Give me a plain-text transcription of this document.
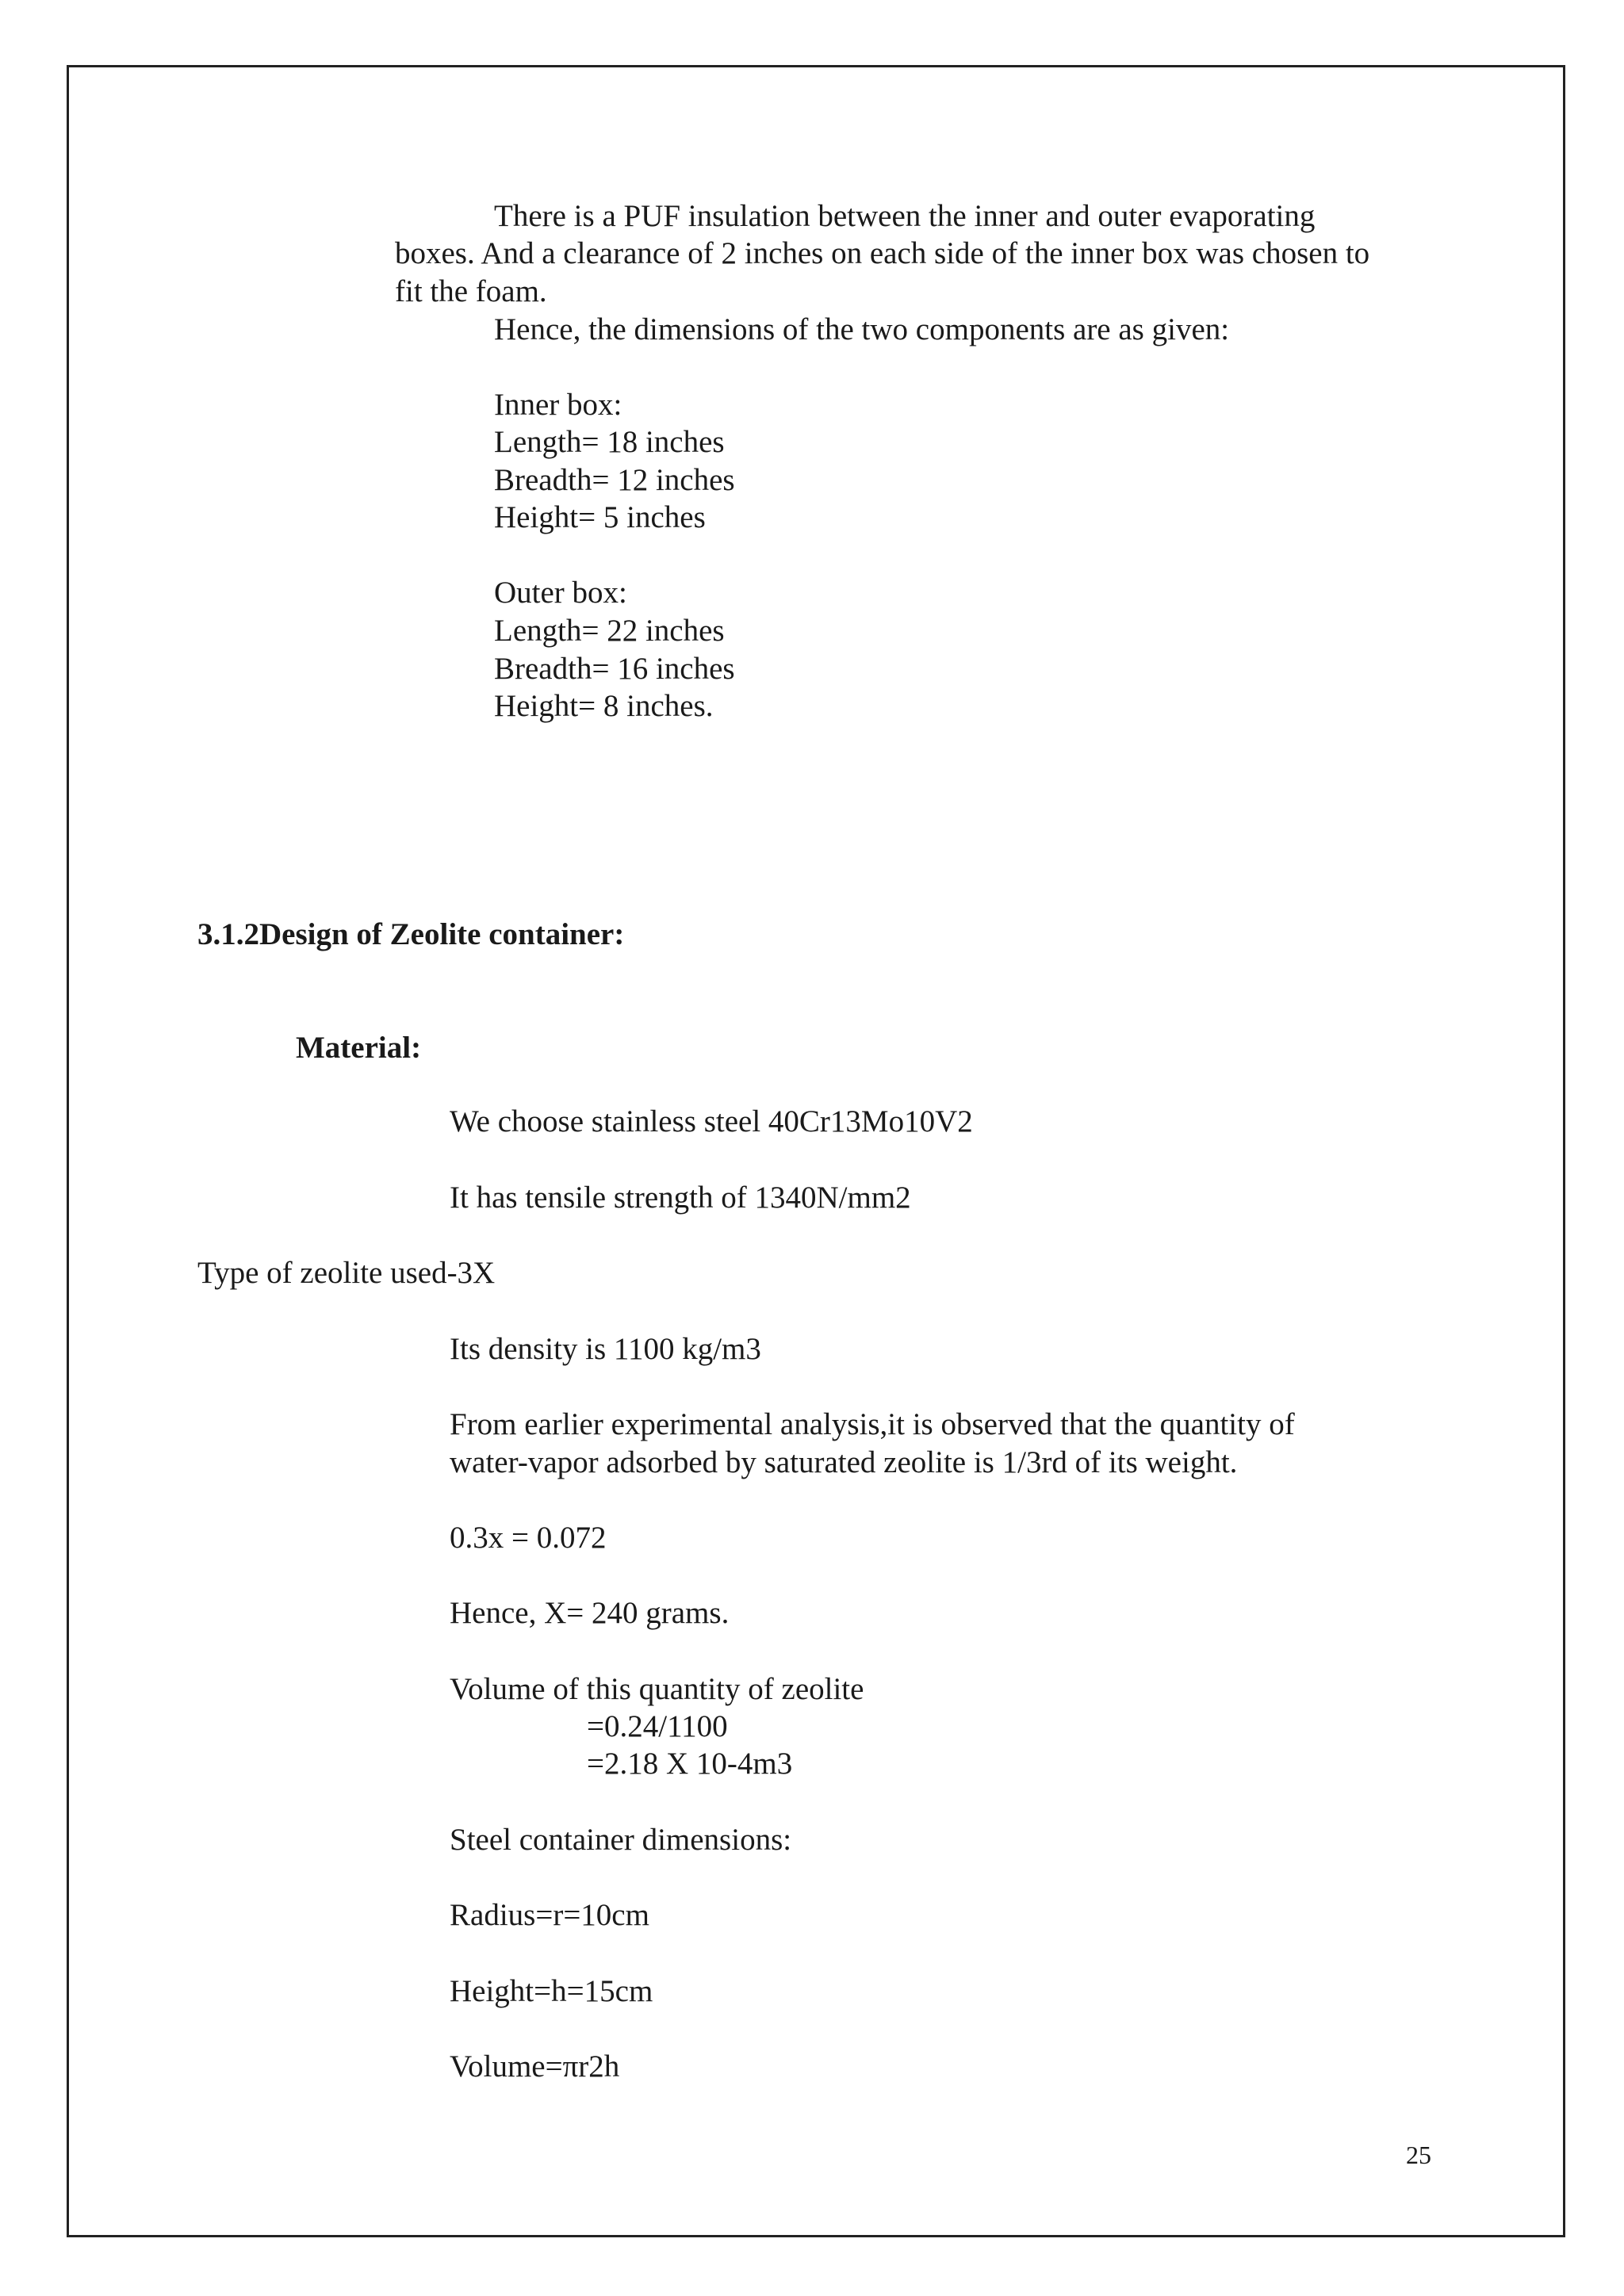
There is a PUF insulation between the inner and outer evaporating
boxes. And a clearance of 2 inches on each side of the inner box was chosen to
fit the foam.
Hence, the dimensions of the two components are as given:
Inner box:
Length= 18 inches
Breadth= 12 inches
Height= 5 inches
Outer box:
Length= 22 inches
Breadth= 16 inches
Height= 8 inches.
3.1.2Design of Zeolite container:
Material:
We choose stainless steel 40Cr13Mo10V2
It has tensile strength of 1340N/mm2
Type of zeolite used-3X
Its density is 1100 kg/m3
From earlier experimental analysis,it is observed that the quantity of
water-vapor adsorbed by saturated zeolite is 1/3rd of its weight.
0.3x = 0.072
Hence, X= 240 grams.
Volume of this quantity of zeolite
=0.24/1100
=2.18 X 10-4m3
Steel container dimensions:
Radius=r=10cm
Height=h=15cm
Volume=πr2h
25
